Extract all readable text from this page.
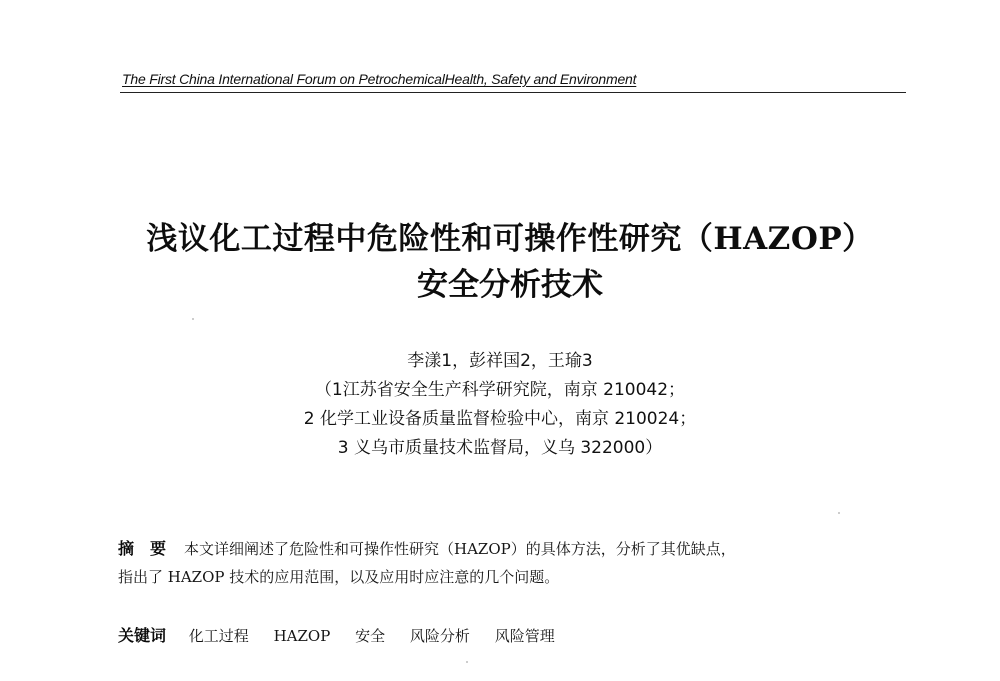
The First China International Forum on PetrochemicalHealth, Safety and Environment
浅议化工过程中危险性和可操作性研究（HAZOP）
安全分析技术
李漾1，彭祥国2，王瑜3
（1江苏省安全生产科学研究院，南京 210042；
2 化学工业设备质量监督检验中心，南京 210024；
3 义乌市质量技术监督局，义乌 322000）
摘　要 本文详细阐述了危险性和可操作性研究（HAZOP）的具体方法，分析了其优缺点，
指出了 HAZOP 技术的应用范围，以及应用时应注意的几个问题。
关键词 化工过程 HAZOP 安全 风险分析 风险管理
